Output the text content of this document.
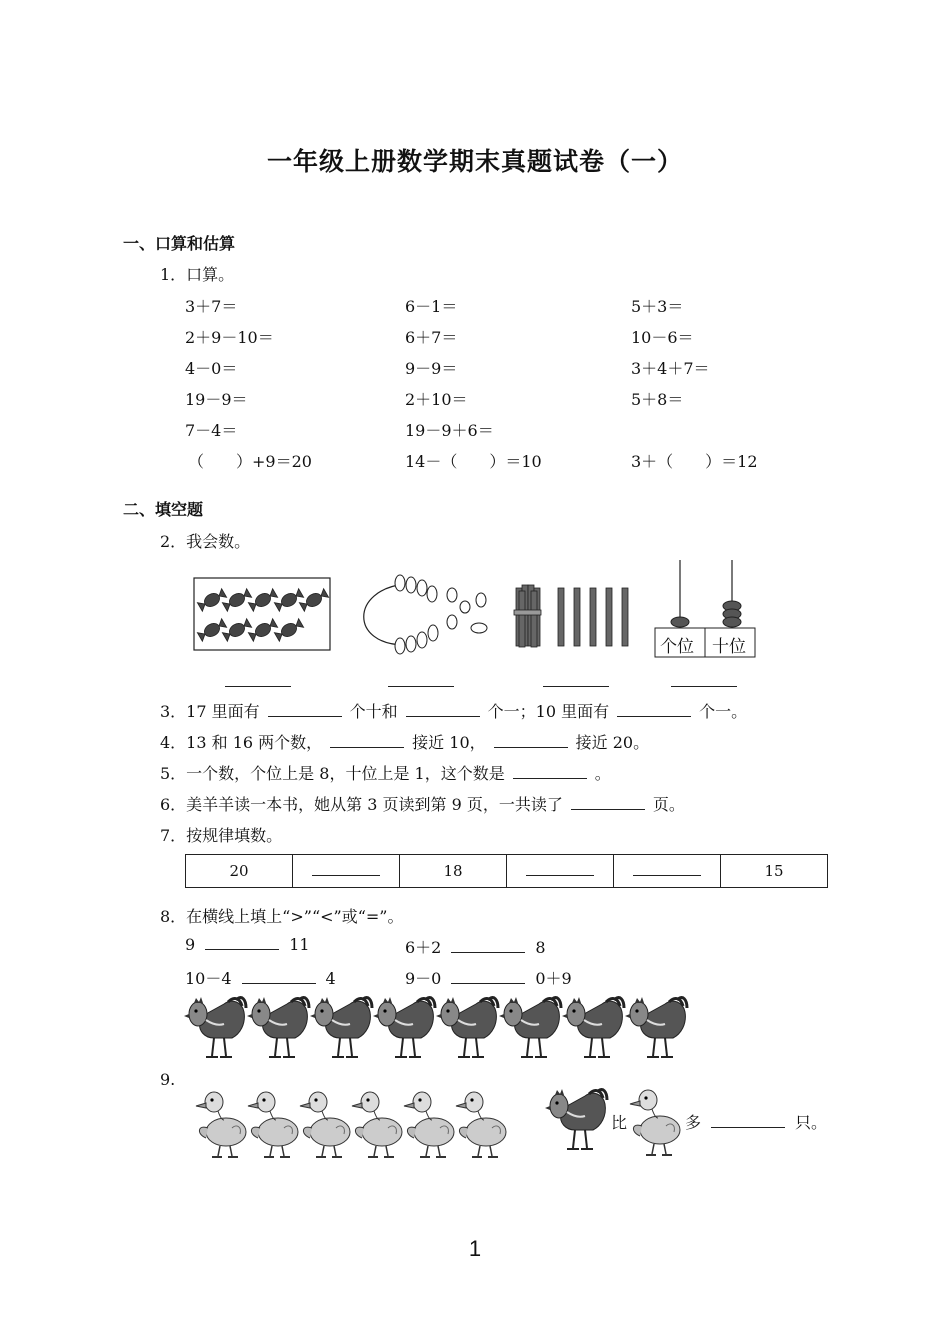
一年级上册数学期末真题试卷（一）
一、口算和估算
1．口算。
3＋7＝	6－1＝	5＋3＝
2＋9－10＝	6＋7＝	10－6＝
4－0＝	9－9＝	3＋4＋7＝
19－9＝	2＋10＝	5＋8＝
7－4＝	19－9＋6＝
（　　）+9＝20	14－（　　）＝10	3＋（　　）＝12
二、填空题
2．我会数。
个位 十位
3．17 里面有	个十和	个一；10 里面有	个一。
4．13 和 16 两个数，	接近 10，	接近 20。
5．一个数，个位上是 8，十位上是 1，这个数是	。
6．美羊羊读一本书，她从第 3 页读到第 9 页，一共读了	页。
7．按规律填数。
20		18			15
8．在横线上填上“>”“<”或“=”。
9	11	6＋2	8
10－4	4	9－0	0＋9
9.
比	多	只。
1
